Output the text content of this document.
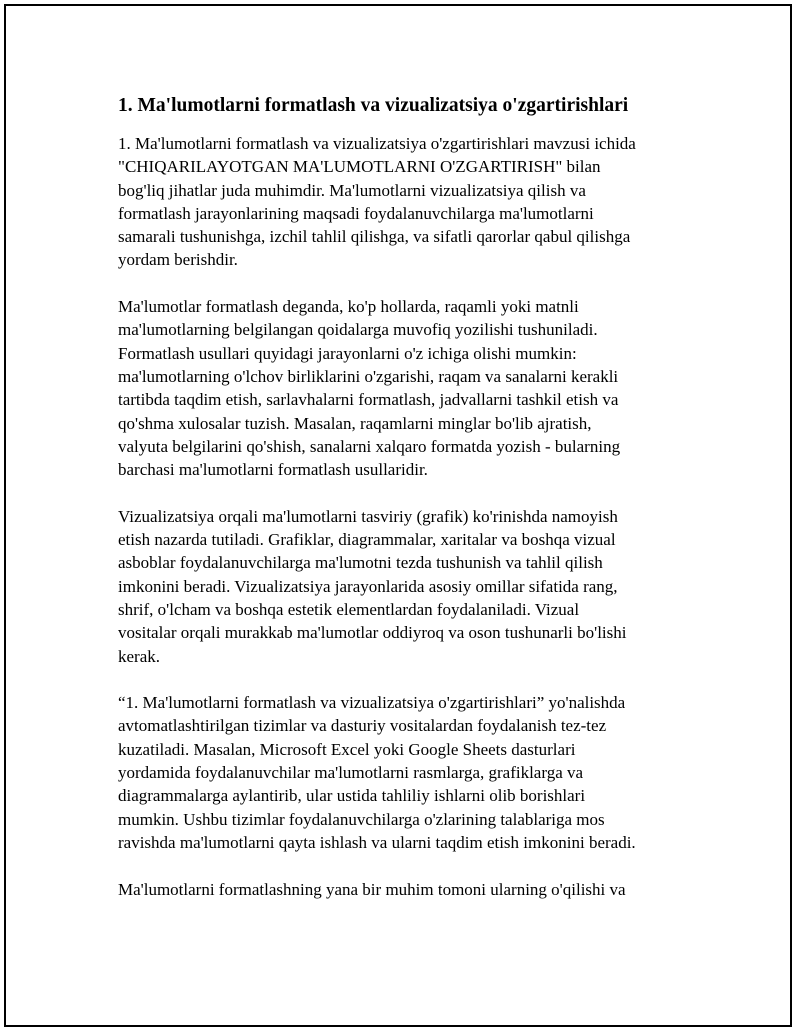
1. Ma'lumotlarni formatlash va vizualizatsiya o'zgartirishlari
1. Ma'lumotlarni formatlash va vizualizatsiya o'zgartirishlari mavzusi ichida
"CHIQARILAYOTGAN MA'LUMOTLARNI O'ZGARTIRISH" bilan
bog'liq jihatlar juda muhimdir. Ma'lumotlarni vizualizatsiya qilish va
formatlash jarayonlarining maqsadi foydalanuvchilarga ma'lumotlarni
samarali tushunishga, izchil tahlil qilishga, va sifatli qarorlar qabul qilishga
yordam berishdir.
Ma'lumotlar formatlash deganda, ko'p hollarda, raqamli yoki matnli
ma'lumotlarning belgilangan qoidalarga muvofiq yozilishi tushuniladi.
Formatlash usullari quyidagi jarayonlarni o'z ichiga olishi mumkin:
ma'lumotlarning o'lchov birliklarini o'zgarishi, raqam va sanalarni kerakli
tartibda taqdim etish, sarlavhalarni formatlash, jadvallarni tashkil etish va
qo'shma xulosalar tuzish. Masalan, raqamlarni minglar bo'lib ajratish,
valyuta belgilarini qo'shish, sanalarni xalqaro formatda yozish - bularning
barchasi ma'lumotlarni formatlash usullaridir.
Vizualizatsiya orqali ma'lumotlarni tasviriy (grafik) ko'rinishda namoyish
etish nazarda tutiladi. Grafiklar, diagrammalar, xaritalar va boshqa vizual
asboblar foydalanuvchilarga ma'lumotni tezda tushunish va tahlil qilish
imkonini beradi. Vizualizatsiya jarayonlarida asosiy omillar sifatida rang,
shrif, o'lcham va boshqa estetik elementlardan foydalaniladi. Vizual
vositalar orqali murakkab ma'lumotlar oddiyroq va oson tushunarli bo'lishi
kerak.
“1. Ma'lumotlarni formatlash va vizualizatsiya o'zgartirishlari” yo'nalishda
avtomatlashtirilgan tizimlar va dasturiy vositalardan foydalanish tez-tez
kuzatiladi. Masalan, Microsoft Excel yoki Google Sheets dasturlari
yordamida foydalanuvchilar ma'lumotlarni rasmlarga, grafiklarga va
diagrammalarga aylantirib, ular ustida tahliliy ishlarni olib borishlari
mumkin. Ushbu tizimlar foydalanuvchilarga o'zlarining talablariga mos
ravishda ma'lumotlarni qayta ishlash va ularni taqdim etish imkonini beradi.
Ma'lumotlarni formatlashning yana bir muhim tomoni ularning o'qilishi va
